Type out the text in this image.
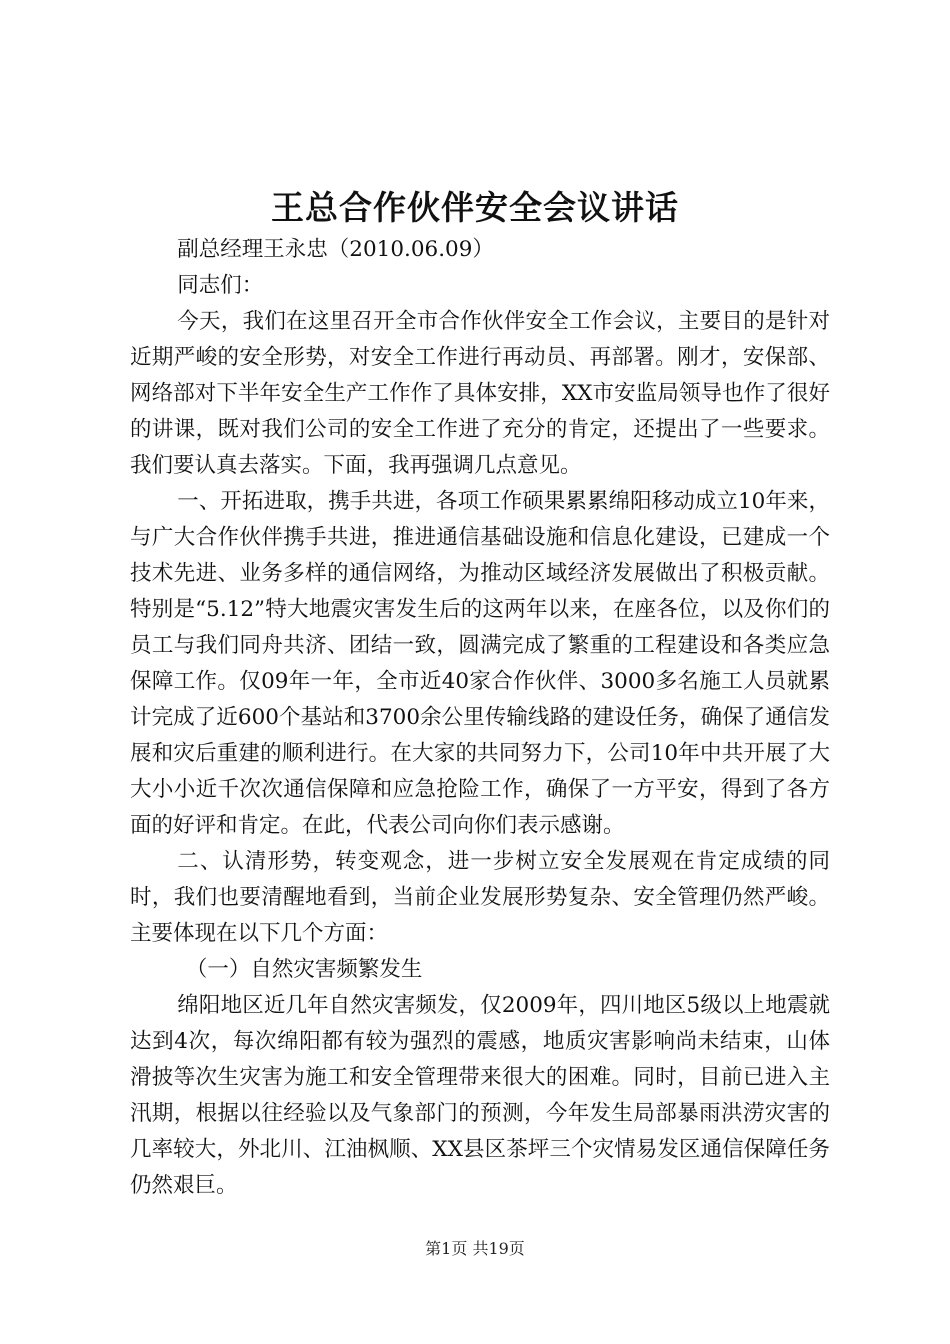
王总合作伙伴安全会议讲话

副总经理王永忠（2010.06.09）

同志们：

今天，我们在这里召开全市合作伙伴安全工作会议，主要目的是针对近期严峻的安全形势，对安全工作进行再动员、再部署。刚才，安保部、网络部对下半年安全生产工作作了具体安排，XX市安监局领导也作了很好的讲课，既对我们公司的安全工作进了充分的肯定，还提出了一些要求。我们要认真去落实。下面，我再强调几点意见。

一、开拓进取，携手共进，各项工作硕果累累绵阳移动成立10年来，与广大合作伙伴携手共进，推进通信基础设施和信息化建设，已建成一个技术先进、业务多样的通信网络，为推动区域经济发展做出了积极贡献。特别是“5.12”特大地震灾害发生后的这两年以来，在座各位，以及你们的员工与我们同舟共济、团结一致，圆满完成了繁重的工程建设和各类应急保障工作。仅09年一年，全市近40家合作伙伴、3000多名施工人员就累计完成了近600个基站和3700余公里传输线路的建设任务，确保了通信发展和灾后重建的顺利进行。在大家的共同努力下，公司10年中共开展了大大小小近千次次通信保障和应急抢险工作，确保了一方平安，得到了各方面的好评和肯定。在此，代表公司向你们表示感谢。

二、认清形势，转变观念，进一步树立安全发展观在肯定成绩的同时，我们也要清醒地看到，当前企业发展形势复杂、安全管理仍然严峻。主要体现在以下几个方面：

（一）自然灾害频繁发生

绵阳地区近几年自然灾害频发，仅2009年，四川地区5级以上地震就达到4次，每次绵阳都有较为强烈的震感，地质灾害影响尚未结束，山体滑披等次生灾害为施工和安全管理带来很大的困难。同时，目前已进入主汛期，根据以往经验以及气象部门的预测，今年发生局部暴雨洪涝灾害的几率较大，外北川、江油枫顺、XX县区茶坪三个灾情易发区通信保障任务仍然艰巨。

第1页 共19页
